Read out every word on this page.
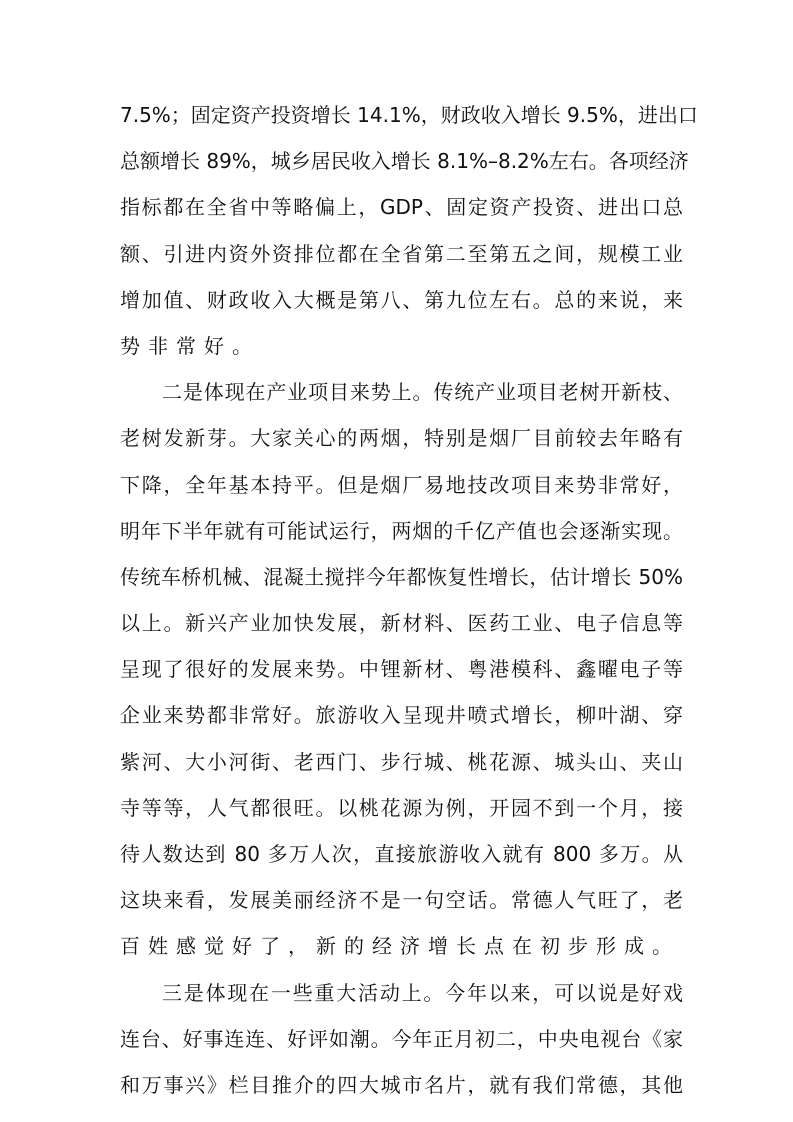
7.5%；固定资产投资增长 14.1%，财政收入增长 9.5%，进出口
总额增长 89%，城乡居民收入增长 8.1%–8.2%左右。各项经济
指标都在全省中等略偏上，GDP、固定资产投资、进出口总
额、引进内资外资排位都在全省第二至第五之间，规模工业
增加值、财政收入大概是第八、第九位左右。总的来说，来
势非常好。
二是体现在产业项目来势上。传统产业项目老树开新枝、
老树发新芽。大家关心的两烟，特别是烟厂目前较去年略有
下降，全年基本持平。但是烟厂易地技改项目来势非常好，
明年下半年就有可能试运行，两烟的千亿产值也会逐渐实现。
传统车桥机械、混凝土搅拌今年都恢复性增长，估计增长 50%
以上。新兴产业加快发展，新材料、医药工业、电子信息等
呈现了很好的发展来势。中锂新材、粤港模科、鑫曜电子等
企业来势都非常好。旅游收入呈现井喷式增长，柳叶湖、穿
紫河、大小河街、老西门、步行城、桃花源、城头山、夹山
寺等等，人气都很旺。以桃花源为例，开园不到一个月，接
待人数达到 80 多万人次，直接旅游收入就有 800 多万。从
这块来看，发展美丽经济不是一句空话。常德人气旺了，老
百姓感觉好了，新的经济增长点在初步形成。
三是体现在一些重大活动上。今年以来，可以说是好戏
连台、好事连连、好评如潮。今年正月初二，中央电视台《家
和万事兴》栏目推介的四大城市名片，就有我们常德，其他
